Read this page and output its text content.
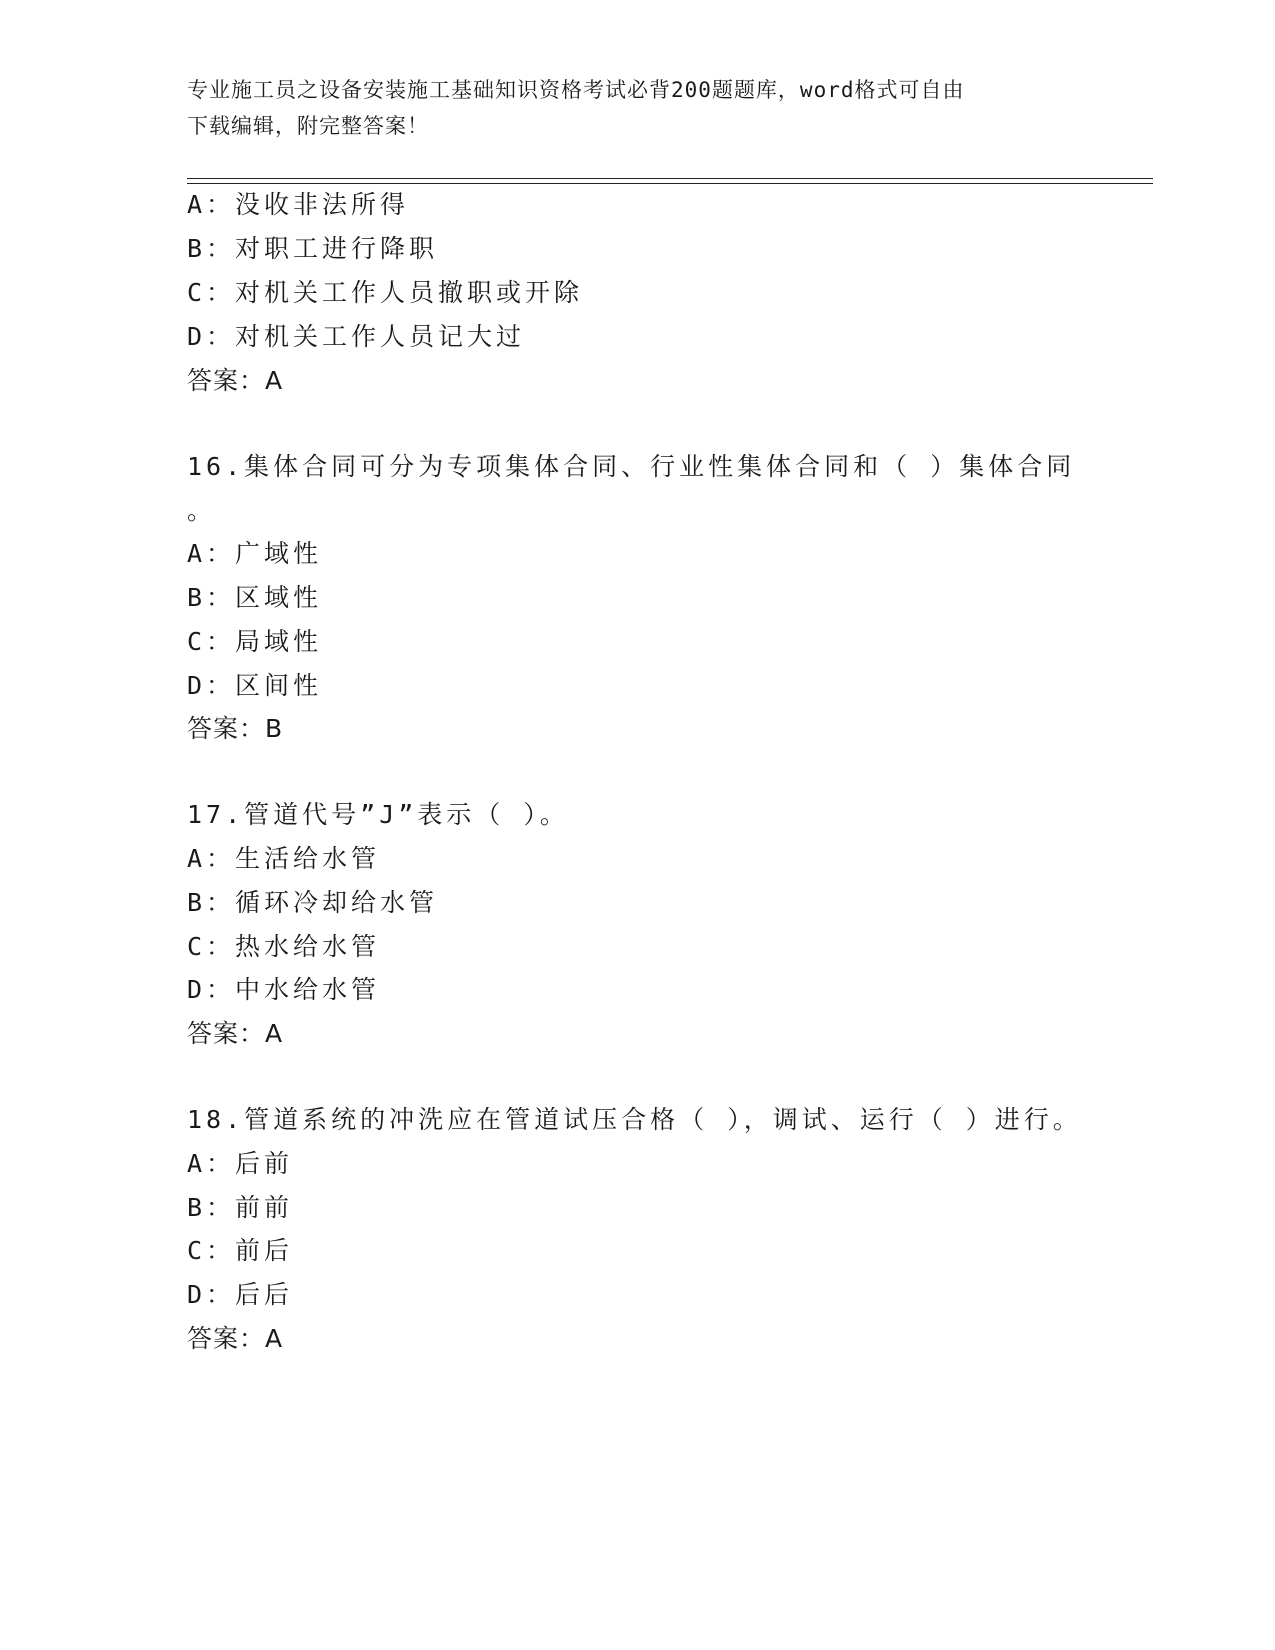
专业施工员之设备安装施工基础知识资格考试必背200题题库，word格式可自由
下载编辑，附完整答案！
A：没收非法所得
B：对职工进行降职
C：对机关工作人员撤职或开除
D：对机关工作人员记大过
答案：A
16.集体合同可分为专项集体合同、行业性集体合同和（ ）集体合同
。
A：广域性
B：区域性
C：局域性
D：区间性
答案：B
17.管道代号”J”表示（ ）。
A：生活给水管
B：循环冷却给水管
C：热水给水管
D：中水给水管
答案：A
18.管道系统的冲洗应在管道试压合格（ ），调试、运行（ ）进行。
A：后前
B：前前
C：前后
D：后后
答案：A
